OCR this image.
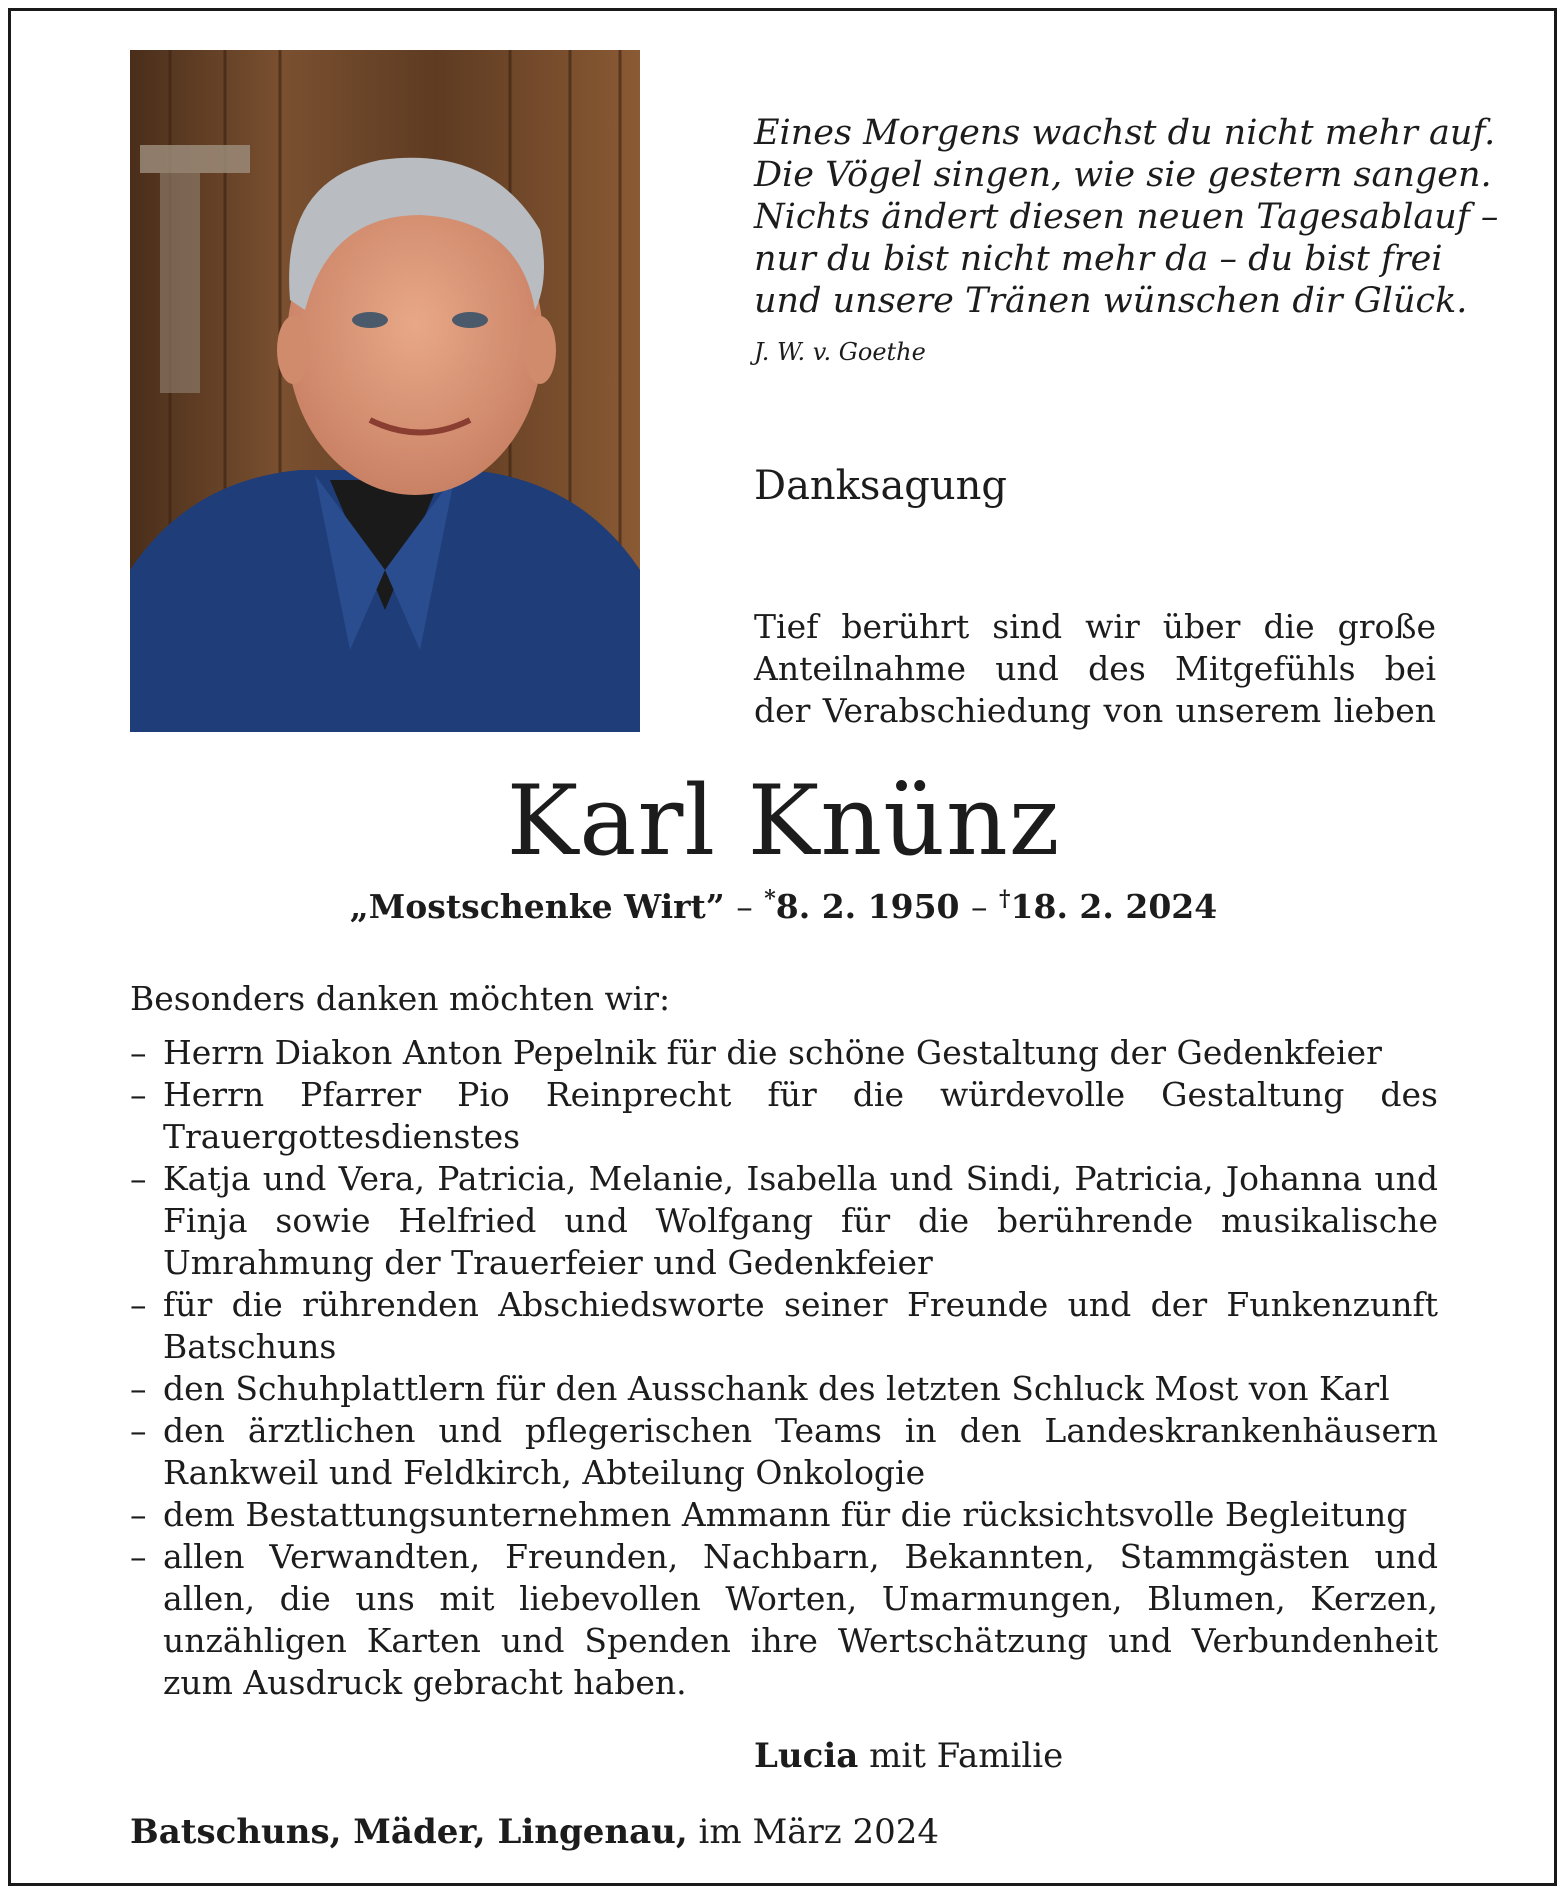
Eines Morgens wachst du nicht mehr auf.
Die Vögel singen, wie sie gestern sangen.
Nichts ändert diesen neuen Tagesablauf –
nur du bist nicht mehr da – du bist frei
und unsere Tränen wünschen dir Glück.
J. W. v. Goethe
Danksagung
Tief berührt sind wir über die große
Anteilnahme und des Mitgefühls bei
der Verabschiedung von unserem lieben
Karl Knünz
„Mostschenke Wirt” – *8. 2. 1950 – †18. 2. 2024
Besonders danken möchten wir:
– Herrn Diakon Anton Pepelnik für die schöne Gestaltung der Gedenkfeier
– Herrn Pfarrer Pio Reinprecht für die würdevolle Gestaltung des Trauergottesdienstes
– Katja und Vera, Patricia, Melanie, Isabella und Sindi, Patricia, Johanna und Finja sowie Helfried und Wolfgang für die berührende musikalische Umrahmung der Trauerfeier und Gedenkfeier
– für die rührenden Abschiedsworte seiner Freunde und der Funkenzunft Batschuns
– den Schuhplattlern für den Ausschank des letzten Schluck Most von Karl
– den ärztlichen und pflegerischen Teams in den Landeskrankenhäusern Rankweil und Feldkirch, Abteilung Onkologie
– dem Bestattungsunternehmen Ammann für die rücksichtsvolle Begleitung
– allen Verwandten, Freunden, Nachbarn, Bekannten, Stammgästen und allen, die uns mit liebevollen Worten, Umarmungen, Blumen, Kerzen, unzähligen Karten und Spenden ihre Wertschätzung und Verbundenheit zum Ausdruck gebracht haben.
Lucia mit Familie
Batschuns, Mäder, Lingenau, im März 2024
